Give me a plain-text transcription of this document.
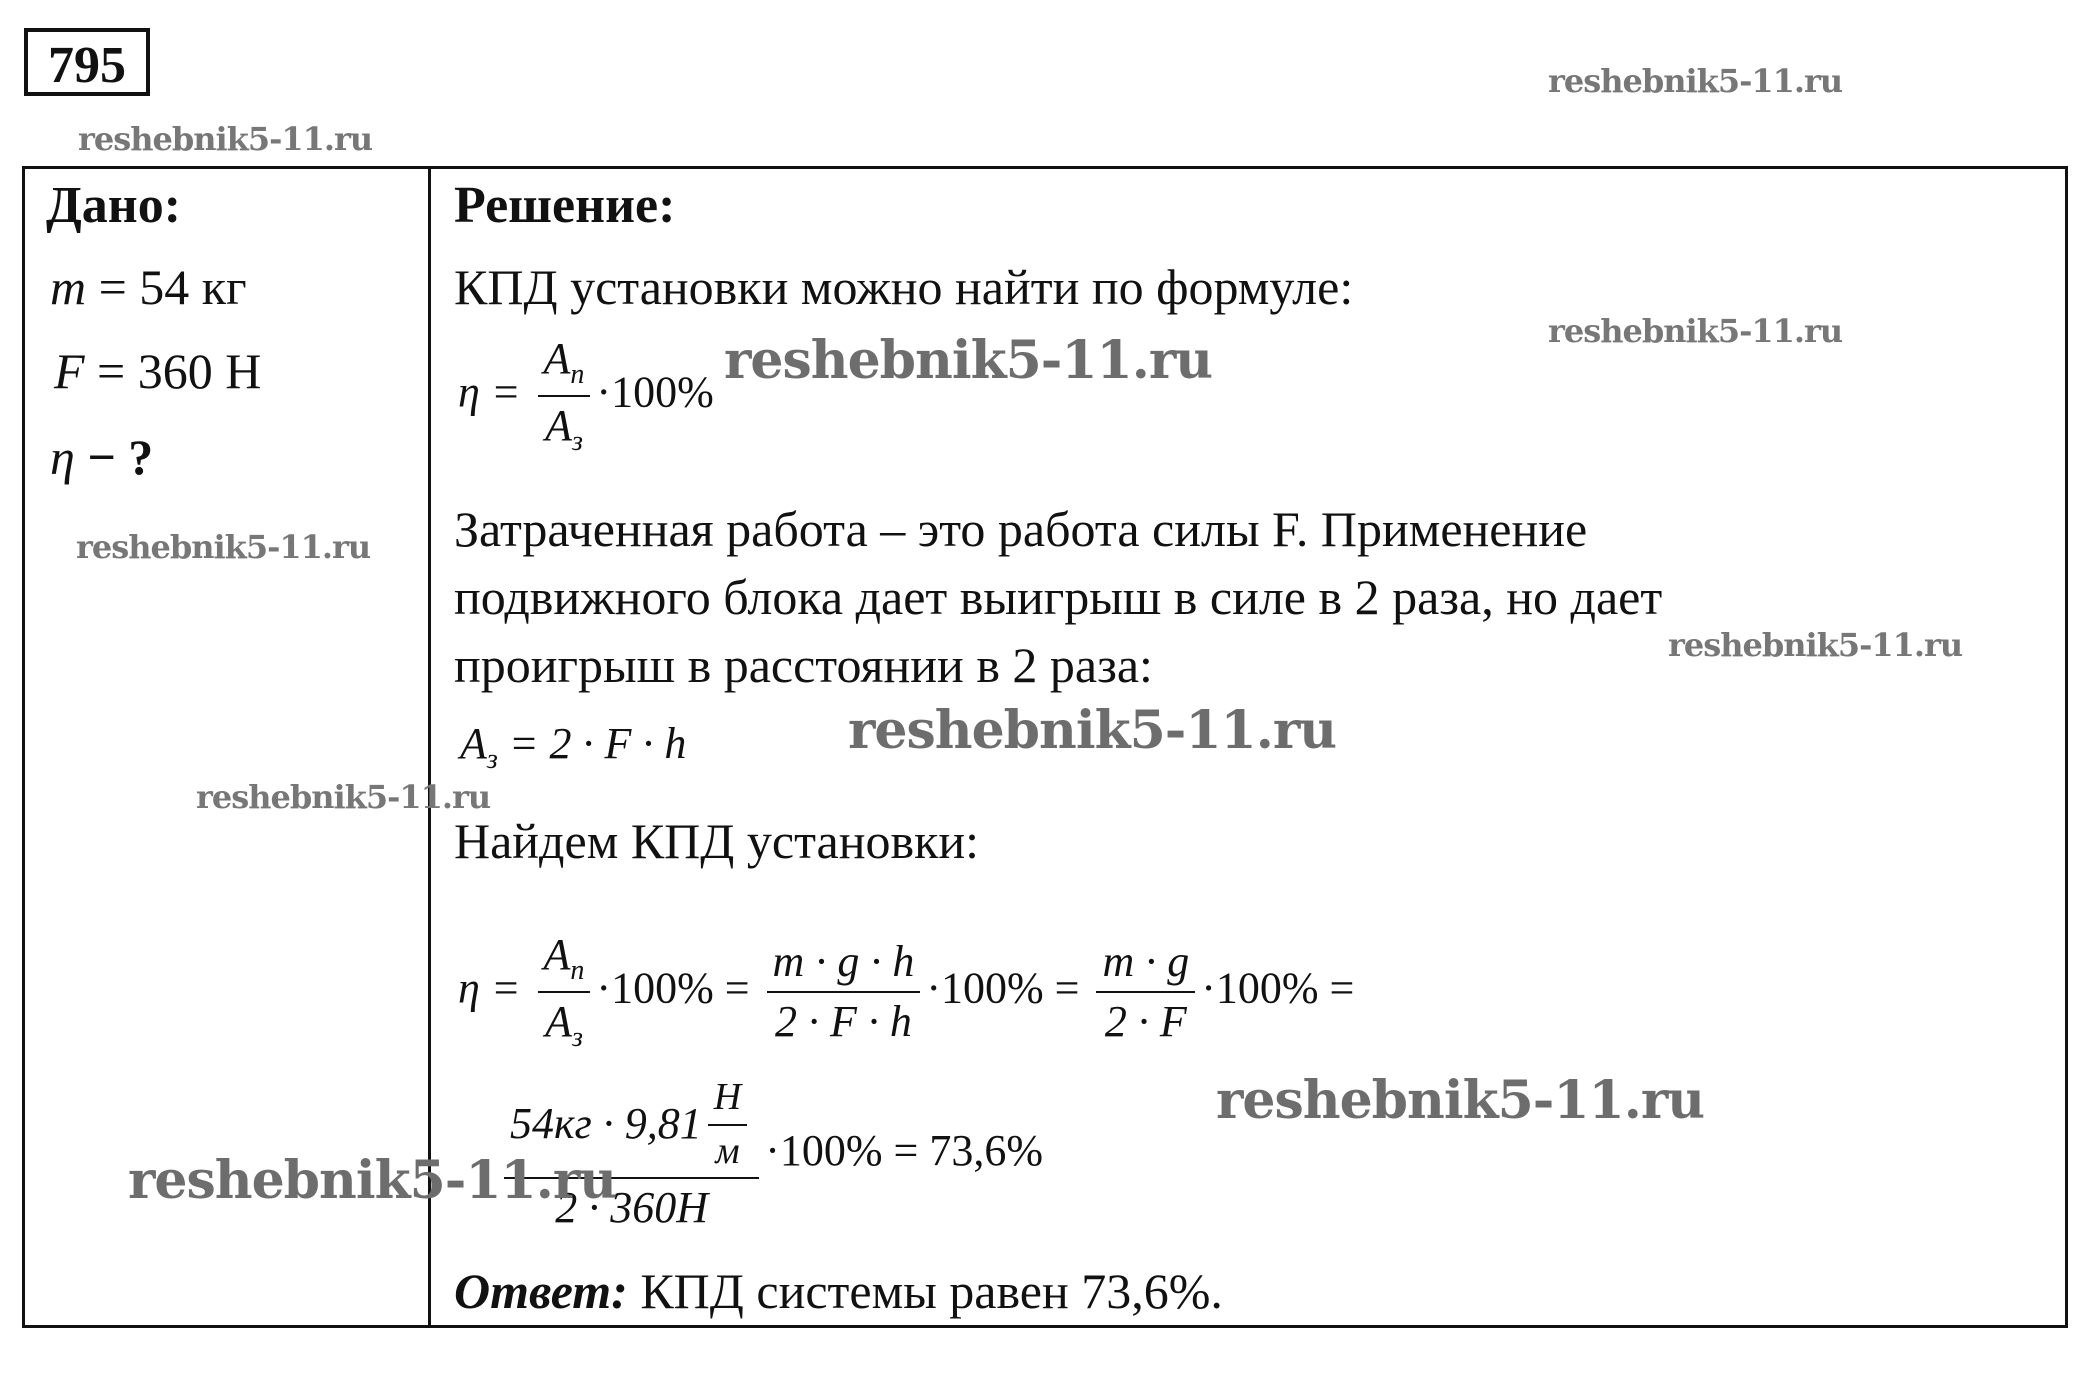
795
Дано:
m = 54 кг
F = 360 Н
η − ?
Решение:
КПД установки можно найти по формуле:
$\eta = \frac{A_п}{A_з} \cdot 100\%$
Затраченная работа – это работа силы F. Применение
подвижного блока дает выигрыш в силе в 2 раза, но дает
проигрыш в расстоянии в 2 раза:
$A_з = 2 \cdot F \cdot h$
Найдем КПД установки:
$\eta = \frac{A_п}{A_з} \cdot 100\% = \frac{m \cdot g \cdot h}{2 \cdot F \cdot h} \cdot 100\% = \frac{m \cdot g}{2 \cdot F} \cdot 100\%$ =
$\frac{54кг \cdot 9,81 \frac{Н}{м}}{2 \cdot 360Н} \cdot 100\% = 73,6\%$
Ответ: КПД системы равен 73,6%.
reshebnik5-11.ru
reshebnik5-11.ru
reshebnik5-11.ru
reshebnik5-11.ru
reshebnik5-11.ru
reshebnik5-11.ru
reshebnik5-11.ru
reshebnik5-11.ru
reshebnik5-11.ru
reshebnik5-11.ru
